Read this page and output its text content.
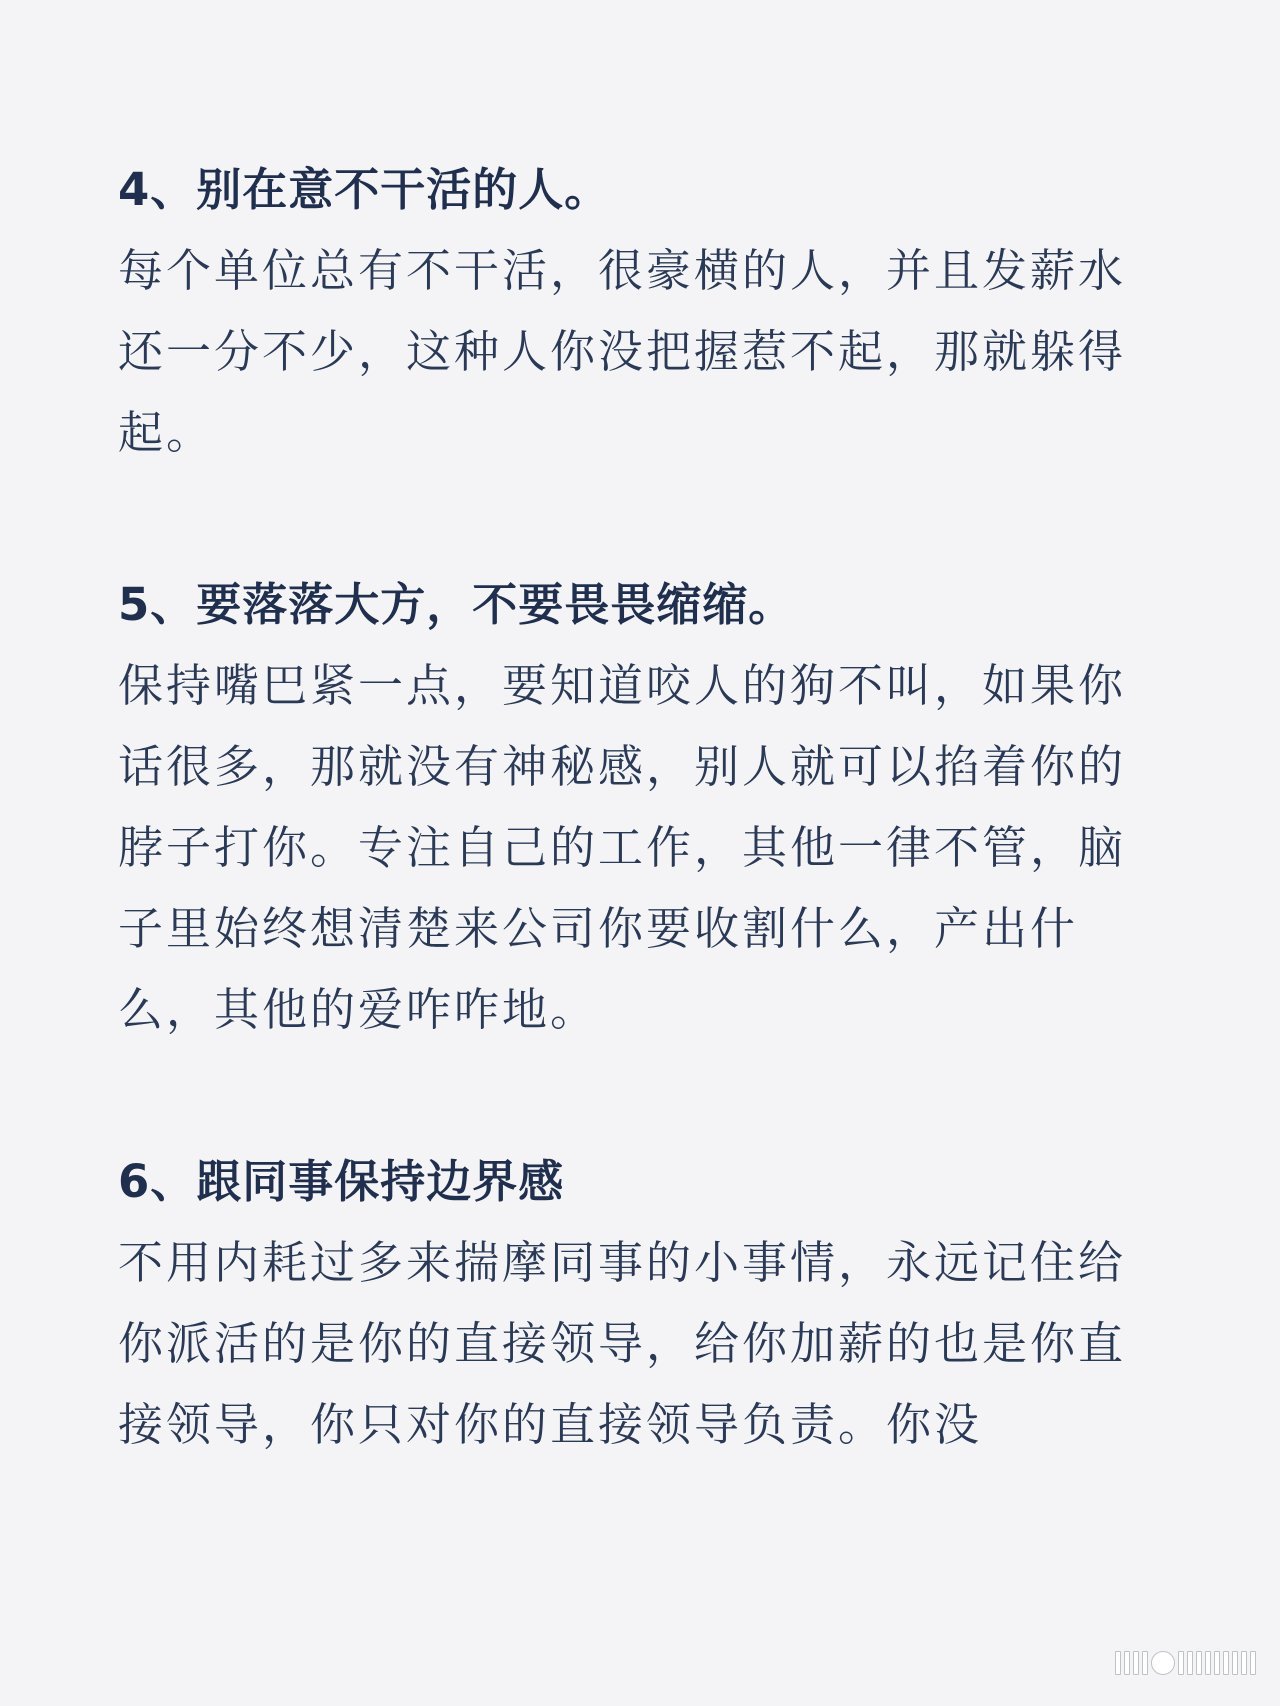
4、别在意不干活的人。

每个单位总有不干活，很豪横的人，并且发薪水还一分不少，这种人你没把握惹不起，那就躲得起。

5、要落落大方，不要畏畏缩缩。

保持嘴巴紧一点，要知道咬人的狗不叫，如果你话很多，那就没有神秘感，别人就可以掐着你的脖子打你。专注自己的工作，其他一律不管，脑子里始终想清楚来公司你要收割什么，产出什么，其他的爱咋咋地。

6、跟同事保持边界感

不用内耗过多来揣摩同事的小事情，永远记住给你派活的是你的直接领导，给你加薪的也是你直接领导，你只对你的直接领导负责。你没
